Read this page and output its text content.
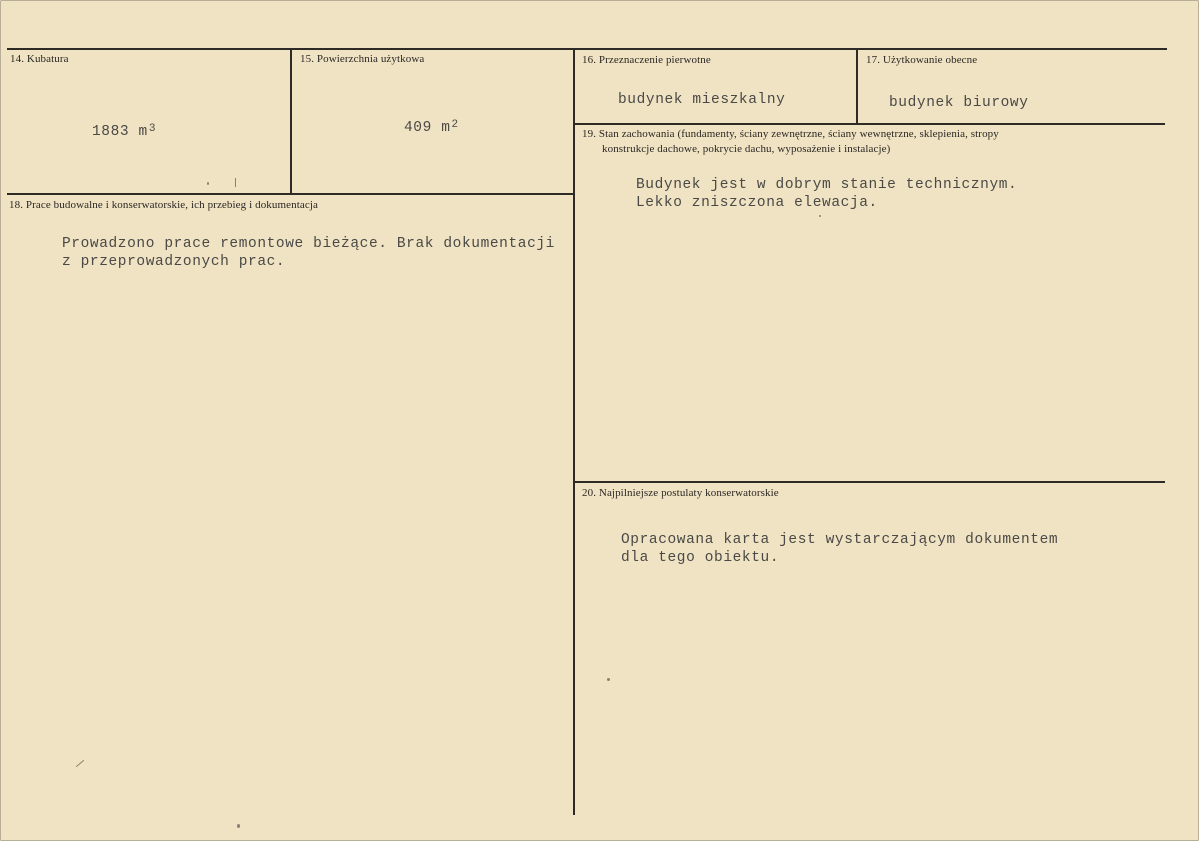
14. Kubatura
1883 $m^3$
15. Powierzchnia użytkowa
409 $m^2$
16. Przeznaczenie pierwotne
budynek mieszkalny
17. Użytkowanie obecne
budynek biurowy
18. Prace budowalne i konserwatorskie, ich przebieg i dokumentacja
Prowadzono prace remontowe bieżące. Brak dokumentacji
z przeprowadzonych prac.
19. Stan zachowania (fundamenty, ściany zewnętrzne, ściany wewnętrzne, sklepienia, stropy
konstrukcje dachowe, pokrycie dachu, wyposażenie i instalacje)
Budynek jest w dobrym stanie technicznym.
Lekko zniszczona elewacja.
20. Najpilniejsze postulaty konserwatorskie
Opracowana karta jest wystarczającym dokumentem
dla tego obiektu.
